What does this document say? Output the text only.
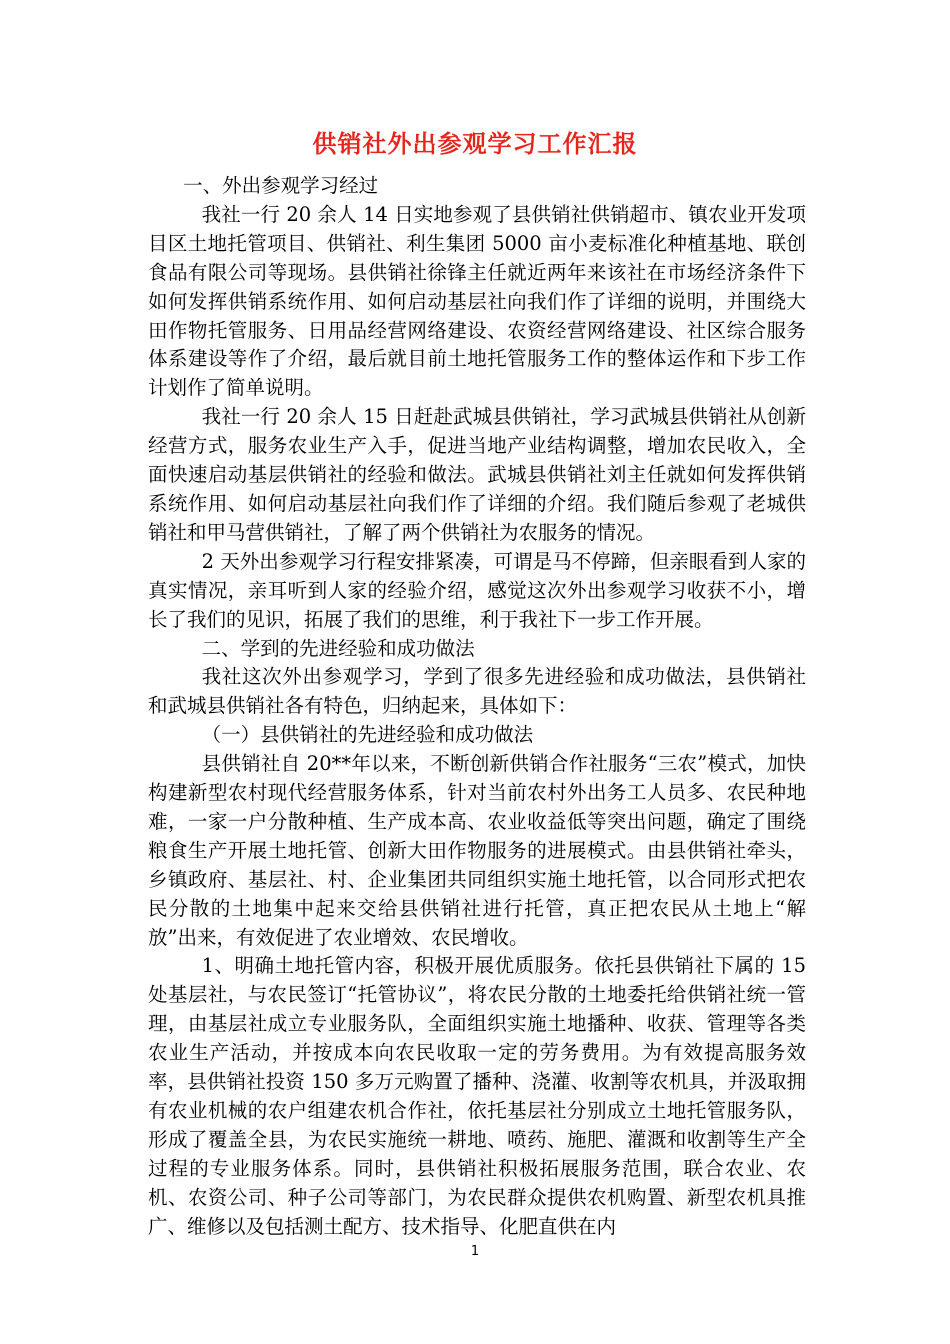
供销社外出参观学习工作汇报

一、外出参观学习经过

我社一行 20 余人 14 日实地参观了县供销社供销超市、镇农业开发项目区土地托管项目、供销社、利生集团 5000 亩小麦标准化种植基地、联创食品有限公司等现场。县供销社徐锋主任就近两年来该社在市场经济条件下如何发挥供销系统作用、如何启动基层社向我们作了详细的说明，并围绕大田作物托管服务、日用品经营网络建设、农资经营网络建设、社区综合服务体系建设等作了介绍，最后就目前土地托管服务工作的整体运作和下步工作计划作了简单说明。

我社一行 20 余人 15 日赶赴武城县供销社，学习武城县供销社从创新经营方式，服务农业生产入手，促进当地产业结构调整，增加农民收入，全面快速启动基层供销社的经验和做法。武城县供销社刘主任就如何发挥供销系统作用、如何启动基层社向我们作了详细的介绍。我们随后参观了老城供销社和甲马营供销社，了解了两个供销社为农服务的情况。

2 天外出参观学习行程安排紧凑，可谓是马不停蹄，但亲眼看到人家的真实情况，亲耳听到人家的经验介绍，感觉这次外出参观学习收获不小，增长了我们的见识，拓展了我们的思维，利于我社下一步工作开展。

二、学到的先进经验和成功做法

我社这次外出参观学习，学到了很多先进经验和成功做法，县供销社和武城县供销社各有特色，归纳起来，具体如下：

（一）县供销社的先进经验和成功做法

县供销社自 20**年以来，不断创新供销合作社服务“三农”模式，加快构建新型农村现代经营服务体系，针对当前农村外出务工人员多、农民种地难，一家一户分散种植、生产成本高、农业收益低等突出问题，确定了围绕粮食生产开展土地托管、创新大田作物服务的进展模式。由县供销社牵头，乡镇政府、基层社、村、企业集团共同组织实施土地托管，以合同形式把农民分散的土地集中起来交给县供销社进行托管，真正把农民从土地上“解放”出来，有效促进了农业增效、农民增收。

1、明确土地托管内容，积极开展优质服务。依托县供销社下属的 15 处基层社，与农民签订“托管协议”，将农民分散的土地委托给供销社统一管理，由基层社成立专业服务队，全面组织实施土地播种、收获、管理等各类农业生产活动，并按成本向农民收取一定的劳务费用。为有效提高服务效率，县供销社投资 150 多万元购置了播种、浇灌、收割等农机具，并汲取拥有农业机械的农户组建农机合作社，依托基层社分别成立土地托管服务队，形成了覆盖全县，为农民实施统一耕地、喷药、施肥、灌溉和收割等生产全过程的专业服务体系。同时，县供销社积极拓展服务范围，联合农业、农机、农资公司、种子公司等部门，为农民群众提供农机购置、新型农机具推广、维修以及包括测土配方、技术指导、化肥直供在内

1
